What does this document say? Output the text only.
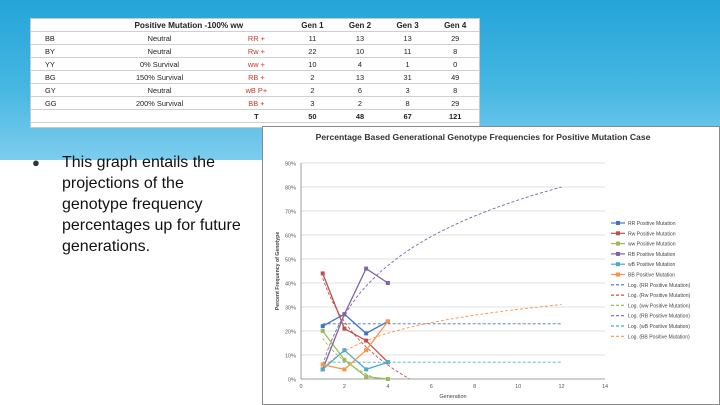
Positive Mutation -100% ww			Gen 1	Gen 2	Gen 3	Gen 4
BB	Neutral	RR +	11	13	13	29
BY	Neutral	Rw +	22	10	11	8
YY	0% Survival	ww +	10	4	1	0
BG	150% Survival	RB +	2	13	31	49
GY	Neutral	wB P+	2	6	3	8
GG	200% Survival	BB +	3	2	8	29
		T	50	48	67	121
● This graph entails the projections of the genotype frequency percentages up for future generations.
Percentage Based Generational Genotype Frequencies for Positive Mutation Case
0%
10%
20%
30%
40%
50%
60%
70%
80%
90%
0	2	4	6	8	10	12	14
Generation
Percent Frequency of Genotype
RR Positive Mutation
Rw Positive Mutation
ww Positive Mutation
RB Positive Mutation
wB Positive Mutation
BB Positive Mutation
Log. (RR Positive Mutation)
Log. (Rw Positive Mutation)
Log. (ww Positive Mutation)
Log. (RB Positive Mutation)
Log. (wB Positive Mutation)
Log. (BB Positive Mutation)
